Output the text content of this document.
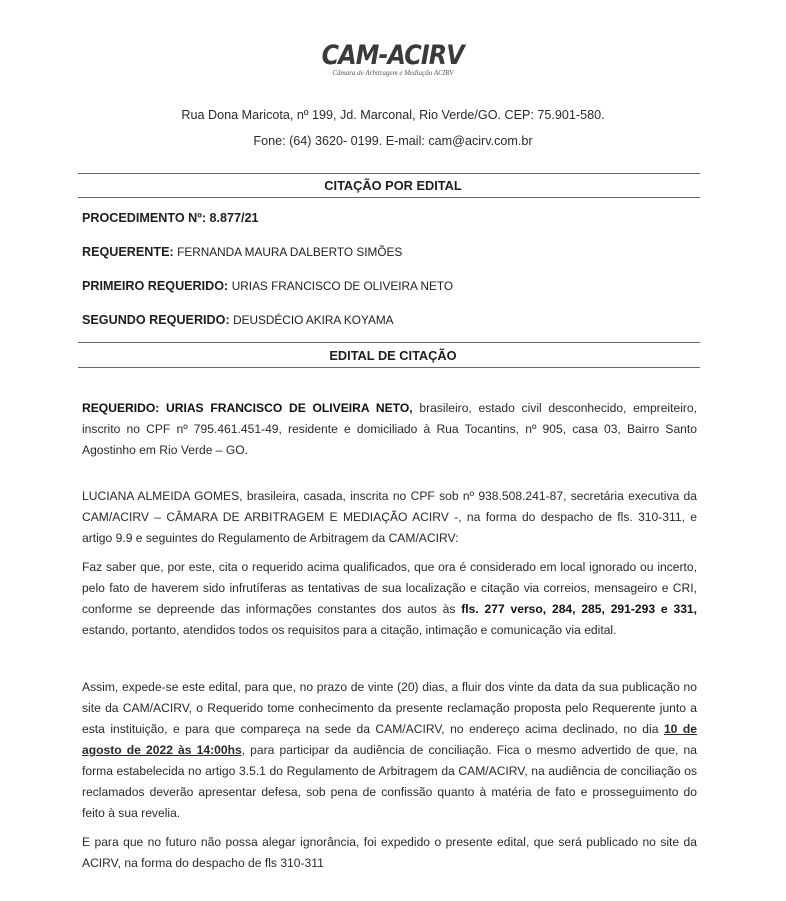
CAM-ACIRV
Câmara de Arbitragem e Mediação ACIRV
Rua Dona Maricota, nº 199, Jd. Marconal, Rio Verde/GO. CEP: 75.901-580.
Fone: (64) 3620- 0199. E-mail: cam@acirv.com.br
CITAÇÃO POR EDITAL
PROCEDIMENTO Nº: 8.877/21
REQUERENTE: FERNANDA MAURA DALBERTO SIMÕES
PRIMEIRO REQUERIDO: URIAS FRANCISCO DE OLIVEIRA NETO
SEGUNDO REQUERIDO: DEUSDÉCIO AKIRA KOYAMA
EDITAL DE CITAÇÃO
REQUERIDO: URIAS FRANCISCO DE OLIVEIRA NETO, brasileiro, estado civil desconhecido, empreiteiro, inscrito no CPF nº 795.461.451-49, residente e domiciliado à Rua Tocantins, nº 905, casa 03, Bairro Santo Agostinho em Rio Verde – GO.
LUCIANA ALMEIDA GOMES, brasileira, casada, inscrita no CPF sob nº 938.508.241-87, secretária executiva da CAM/ACIRV – CÂMARA DE ARBITRAGEM E MEDIAÇÃO ACIRV -, na forma do despacho de fls. 310-311, e artigo 9.9 e seguintes do Regulamento de Arbitragem da CAM/ACIRV:
Faz saber que, por este, cita o requerido acima qualificados, que ora é considerado em local ignorado ou incerto, pelo fato de haverem sido infrutíferas as tentativas de sua localização e citação via correios, mensageiro e CRI, conforme se depreende das informações constantes dos autos às fls. 277 verso, 284, 285, 291-293 e 331, estando, portanto, atendidos todos os requisitos para a citação, intimação e comunicação via edital.
Assim, expede-se este edital, para que, no prazo de vinte (20) dias, a fluir dos vinte da data da sua publicação no site da CAM/ACIRV, o Requerido tome conhecimento da presente reclamação proposta pelo Requerente junto a esta instituição, e para que compareça na sede da CAM/ACIRV, no endereço acima declinado, no dia 10 de agosto de 2022 às 14:00hs, para participar da audiência de conciliação. Fica o mesmo advertido de que, na forma estabelecida no artigo 3.5.1 do Regulamento de Arbitragem da CAM/ACIRV, na audiência de conciliação os reclamados deverão apresentar defesa, sob pena de confissão quanto à matéria de fato e prosseguimento do feito à sua revelia.
E para que no futuro não possa alegar ignorância, foi expedido o presente edital, que será publicado no site da ACIRV, na forma do despacho de fls 310-311
